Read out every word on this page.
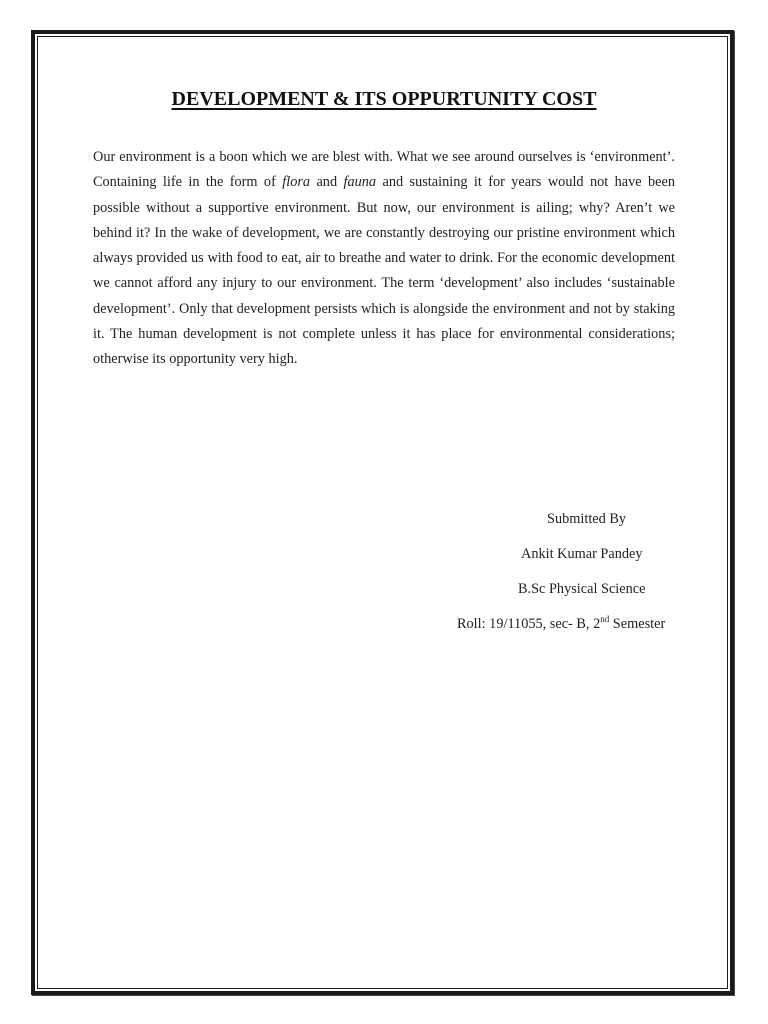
DEVELOPMENT & ITS OPPURTUNITY COST
Our environment is a boon which we are blest with. What we see around ourselves is ‘environment’. Containing life in the form of flora and fauna and sustaining it for years would not have been possible without a supportive environment. But now, our environment is ailing; why? Aren’t we behind it? In the wake of development, we are constantly destroying our pristine environment which always provided us with food to eat, air to breathe and water to drink. For the economic development we cannot afford any injury to our environment. The term ‘development’ also includes ‘sustainable development’. Only that development persists which is alongside the environment and not by staking it. The human development is not complete unless it has place for environmental considerations; otherwise its opportunity very high.
Submitted By
Ankit Kumar Pandey
B.Sc Physical Science
Roll: 19/11055, sec- B, 2nd Semester
